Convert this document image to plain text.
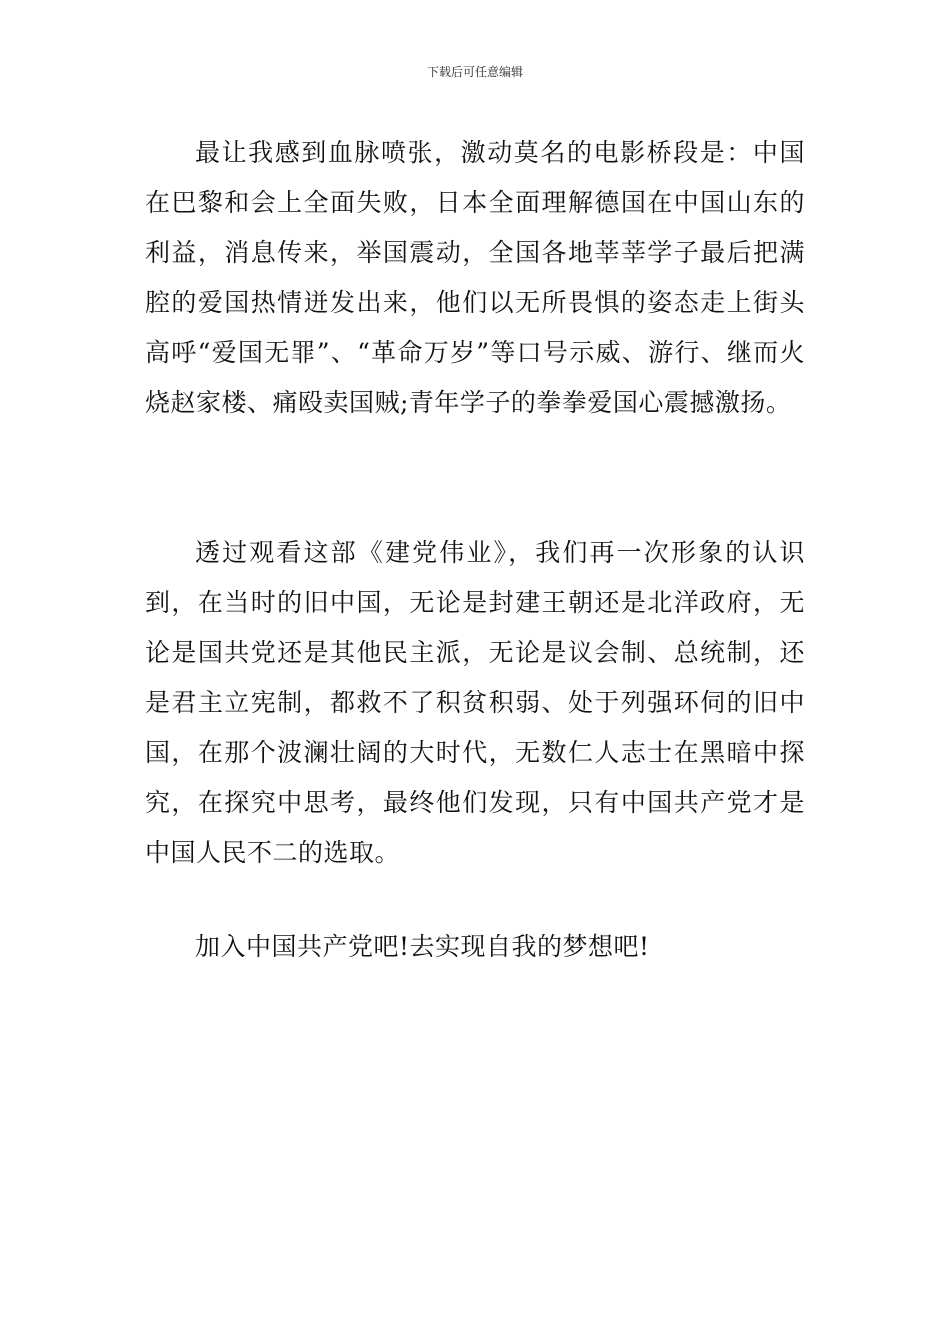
下载后可任意编辑

最让我感到血脉喷张，激动莫名的电影桥段是：中国在巴黎和会上全面失败，日本全面理解德国在中国山东的利益，消息传来，举国震动，全国各地莘莘学子最后把满腔的爱国热情迸发出来，他们以无所畏惧的姿态走上街头高呼“爱国无罪”、“革命万岁”等口号示威、游行、继而火烧赵家楼、痛殴卖国贼;青年学子的拳拳爱国心震撼激扬。

透过观看这部《建党伟业》，我们再一次形象的认识到，在当时的旧中国，无论是封建王朝还是北洋政府，无论是国共党还是其他民主派，无论是议会制、总统制，还是君主立宪制，都救不了积贫积弱、处于列强环伺的旧中国，在那个波澜壮阔的大时代，无数仁人志士在黑暗中探究，在探究中思考，最终他们发现，只有中国共产党才是中国人民不二的选取。

加入中国共产党吧!去实现自我的梦想吧!
